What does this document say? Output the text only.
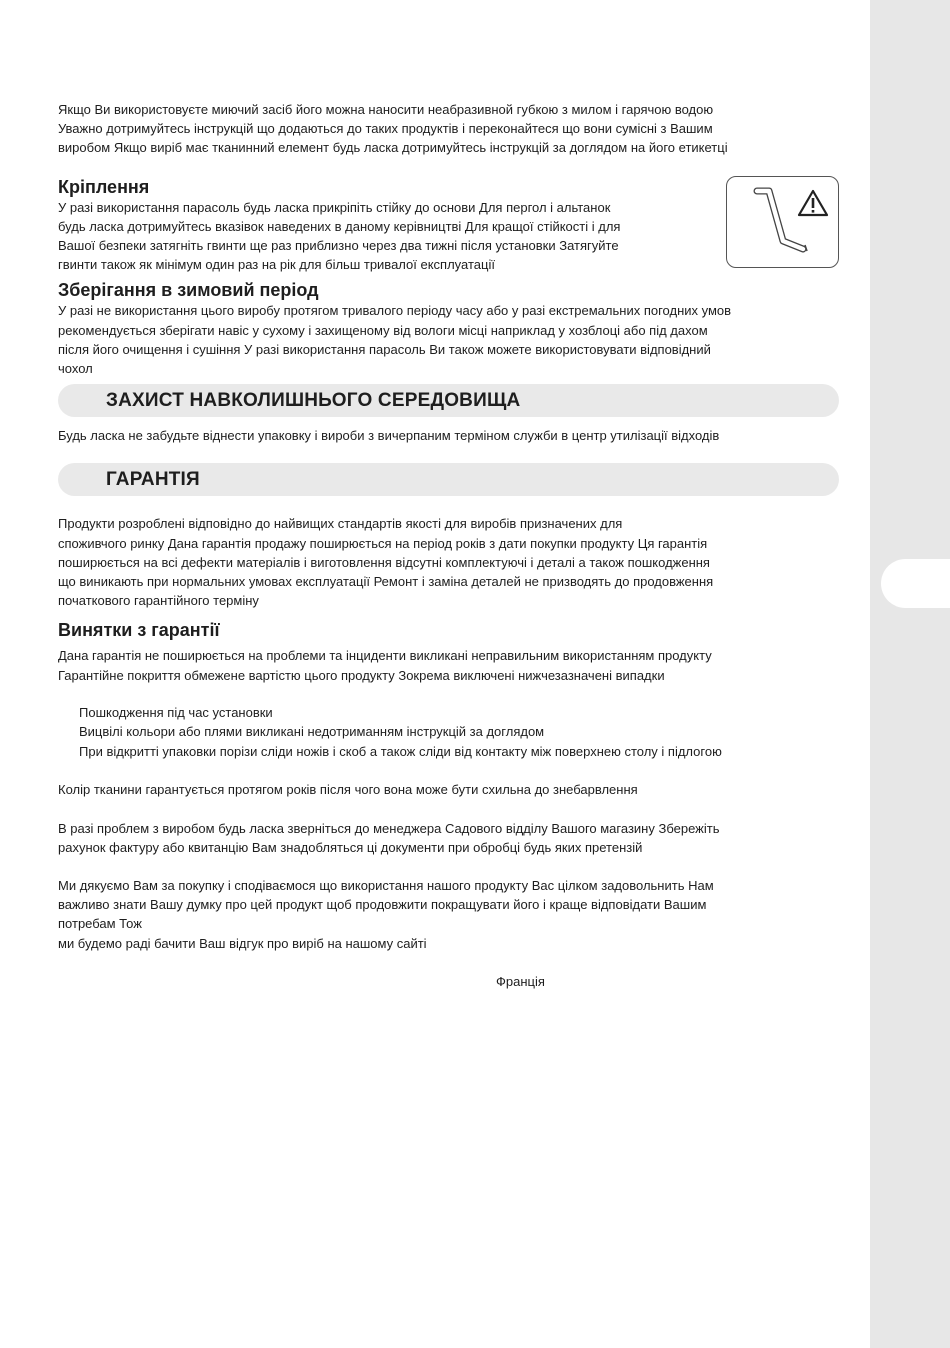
Якщо Ви використовуєте миючий засіб його можна наносити неабразивной губкою з милом і гарячою водою
Уважно дотримуйтесь інструкцій що додаються до таких продуктів і переконайтеся що вони сумісні з Вашим
виробом Якщо виріб має тканинний елемент будь ласка дотримуйтесь інструкцій за доглядом на його етикетці

Кріплення

У разі використання парасоль будь ласка прикріпіть стійку до основи Для пергол і альтанок
будь ласка дотримуйтесь вказівок наведених в даному керівництві Для кращої стійкості і для
Вашої безпеки затягніть гвинти ще раз приблизно через два тижні після установки Затягуйте
гвинти також як мінімум один раз на рік для більш тривалої експлуатації

Зберігання в зимовий період

У разі не використання цього виробу протягом тривалого періоду часу або у разі екстремальних погодних умов
рекомендується зберігати навіс у сухому і захищеному від вологи місці наприклад у хозблоці або під дахом
після його очищення і сушіння У разі використання парасоль Ви також можете використовувати відповідний
чохол

ЗАХИСТ НАВКОЛИШНЬОГО СЕРЕДОВИЩА

Будь ласка не забудьте віднести упаковку і вироби з вичерпаним терміном служби в центр утилізації відходів

ГАРАНТІЯ

Продукти розроблені відповідно до найвищих стандартів якості для виробів призначених для
споживчого ринку Дана гарантія продажу поширюється на період років з дати покупки продукту Ця гарантія
поширюється на всі дефекти матеріалів і виготовлення відсутні комплектуючі і деталі а також пошкодження
що виникають при нормальних умовах експлуатації Ремонт і заміна деталей не призводять до продовження
початкового гарантійного терміну

Винятки з гарантії

Дана гарантія не поширюється на проблеми та інциденти викликані неправильним використанням продукту
Гарантійне покриття обмежене вартістю цього продукту Зокрема виключені нижчезазначені випадки

Пошкодження під час установки
Вицвілі кольори або плями викликані недотриманням інструкцій за доглядом
При відкритті упаковки порізи сліди ножів і скоб а також сліди від контакту між поверхнею столу і підлогою

Колір тканини гарантується протягом років після чого вона може бути схильна до знебарвлення

В разі проблем з виробом будь ласка зверніться до менеджера Садового відділу Вашого магазину Збережіть
рахунок фактуру або квитанцію Вам знадобляться ці документи при обробці будь яких претензій

Ми дякуємо Вам за покупку і сподіваємося що використання нашого продукту Вас цілком задовольнить Нам
важливо знати Вашу думку про цей продукт щоб продовжити покращувати його і краще відповідати Вашим
потребам Тож
ми будемо раді бачити Ваш відгук про виріб на нашому сайті

Франція
